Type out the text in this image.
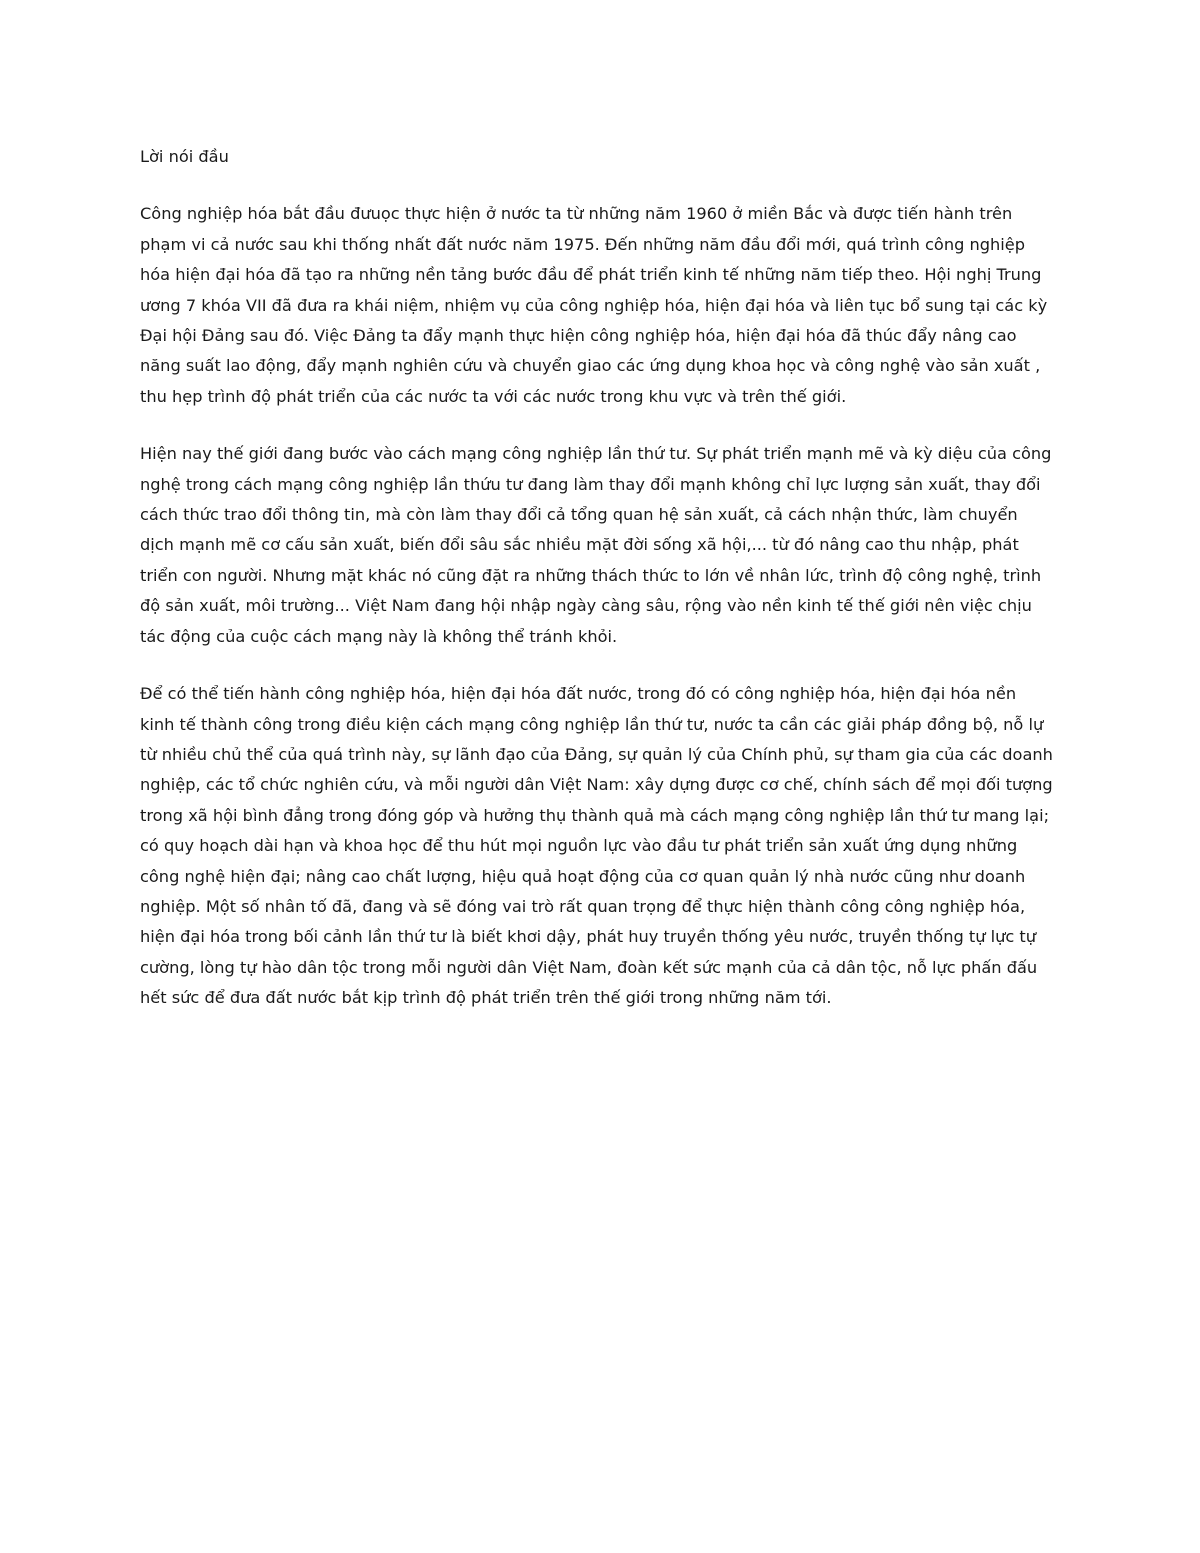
Lời nói đầu

Công nghiệp hóa bắt đầu đưuọc thực hiện ở nước ta từ những năm 1960 ở miền Bắc và được tiến hành trên phạm vi cả nước sau khi thống nhất đất nước năm 1975. Đến những năm đầu đổi mới, quá trình công nghiệp hóa hiện đại hóa đã tạo ra những nền tảng bước đầu để phát triển kinh tế những năm tiếp theo. Hội nghị Trung ương 7 khóa VII đã đưa ra khái niệm, nhiệm vụ của công nghiệp hóa, hiện đại hóa và liên tục bổ sung tại các kỳ Đại hội Đảng sau đó. Việc Đảng ta đẩy mạnh thực hiện công nghiệp hóa, hiện đại hóa đã thúc đẩy nâng cao năng suất lao động, đẩy mạnh nghiên cứu và chuyển giao các ứng dụng khoa học và công nghệ vào sản xuất , thu hẹp trình độ phát triển của các nước ta với các nước trong khu vực và trên thế giới.

Hiện nay thế giới đang bước vào cách mạng công nghiệp lần thứ tư. Sự phát triển mạnh mẽ và kỳ diệu của công nghệ trong cách mạng công nghiệp lần thứu tư đang làm thay đổi mạnh không chỉ lực lượng sản xuất, thay đổi cách thức trao đổi thông tin, mà còn làm thay đổi cả tổng quan hệ sản xuất, cả cách nhận thức, làm chuyển dịch mạnh mẽ cơ cấu sản xuất, biến đổi sâu sắc nhiều mặt đời sống xã hội,... từ đó nâng cao thu nhập, phát triển con người. Nhưng mặt khác nó cũng đặt ra những thách thức to lớn về nhân lức, trình độ công nghệ, trình độ sản xuất, môi trường... Việt Nam đang hội nhập ngày càng sâu, rộng vào nền kinh tế thế giới nên việc chịu tác động của cuộc cách mạng này là không thể tránh khỏi.

Để có thể tiến hành công nghiệp hóa, hiện đại hóa đất nước, trong đó có công nghiệp hóa, hiện đại hóa nền kinh tế thành công trong điều kiện cách mạng công nghiệp lần thứ tư, nước ta cần các giải pháp đồng bộ, nỗ lự từ nhiều chủ thể của quá trình này, sự lãnh đạo của Đảng, sự quản lý của Chính phủ, sự tham gia của các doanh nghiệp, các tổ chức nghiên cứu, và mỗi người dân Việt Nam: xây dựng được cơ chế, chính sách để mọi đối tượng trong xã hội bình đẳng trong đóng góp và hưởng thụ thành quả mà cách mạng công nghiệp lần thứ tư mang lại; có quy hoạch dài hạn và khoa học để thu hút mọi nguồn lực vào đầu tư phát triển sản xuất ứng dụng những công nghệ hiện đại; nâng cao chất lượng, hiệu quả hoạt động của cơ quan quản lý nhà nước cũng như doanh nghiệp. Một số nhân tố đã, đang và sẽ đóng vai trò rất quan trọng để thực hiện thành công công nghiệp hóa, hiện đại hóa trong bối cảnh lần thứ tư là biết khơi dậy, phát huy truyền thống yêu nước, truyền thống tự lực tự cường, lòng tự hào dân tộc trong mỗi người dân Việt Nam, đoàn kết sức mạnh của cả dân tộc, nỗ lực phấn đấu hết sức để đưa đất nước bắt kịp trình độ phát triển trên thế giới trong những năm tới.
